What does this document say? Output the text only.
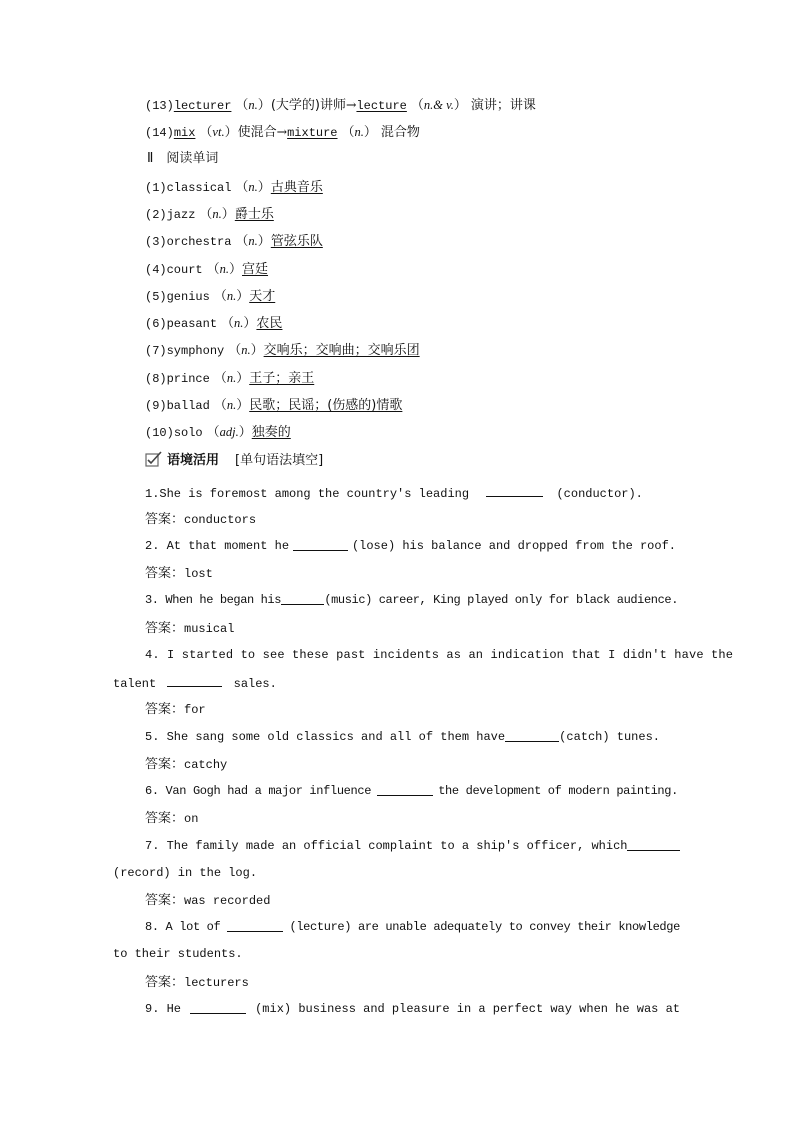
(13)lecturer （n.）(大学的)讲师→lecture （n.& v.） 演讲；讲课
(14)mix （vt.）使混合→mixture （n.） 混合物
Ⅱ　阅读单词
(1)classical （n.）古典音乐
(2)jazz （n.）爵士乐
(3)orchestra （n.）管弦乐队
(4)court （n.）宫廷
(5)genius （n.）天才
(6)peasant （n.）农民
(7)symphony （n.）交响乐；交响曲；交响乐团
(8)prince （n.）王子；亲王
(9)ballad （n.）民歌；民谣；(伤感的)情歌
(10)solo （adj.）独奏的
语境活用 [单句语法填空]
1.She is foremost among the country's leading	(conductor).
答案：conductors
2. At that moment he	(lose) his balance and dropped from the roof.
答案：lost
3. When he began his	(music) career, King played only for black audience.
答案：musical
4. I started to see these past incidents as an indication that I didn't have the
talent	sales.
答案：for
5. She sang some old classics and all of them have	(catch) tunes.
答案：catchy
6. Van Gogh had a major influence	the development of modern painting.
答案：on
7. The family made an official complaint to a ship's officer, which
(record) in the log.
答案：was recorded
8. A lot of	(lecture) are unable adequately to convey their knowledge
to their students.
答案：lecturers
9. He	(mix) business and pleasure in a perfect way when he was at
